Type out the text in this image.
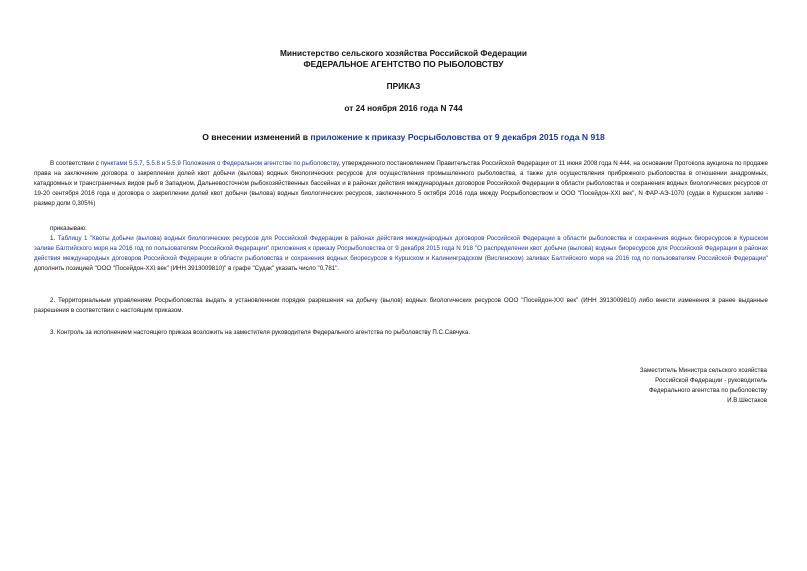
Министерство сельского хозяйства Российской Федерации
ФЕДЕРАЛЬНОЕ АГЕНТСТВО ПО РЫБОЛОВСТВУ
ПРИКАЗ
от 24 ноября 2016 года N 744
О внесении изменений в приложение к приказу Росрыболовства от 9 декабря 2015 года N 918
В соответствии с пунктами 5.5.7, 5.5.8 и 5.5.9 Положения о Федеральном агентстве по рыболовству, утвержденного постановлением Правительства Российской Федерации от 11 июня 2008 года N 444, на основании Протокола аукциона по продаже права на заключение договора о закреплении долей квот добычи (вылова) водных биологических ресурсов для осуществления промышленного рыболовства, а также для осуществления прибрежного рыболовства в отношении анадромных, катадромных и трансграничных видов рыб в Западном, Дальневосточном рыбохозяйственных бассейнах и в районах действия международных договоров Российской Федерации в области рыболовства и сохранения водных биологических ресурсов от 19-20 сентября 2016 года и договора о закреплении долей квот добычи (вылова) водных биологических ресурсов, заключенного 5 октября 2016 года между Росрыболовством и ООО "Посейдон-XXI век", N ФАР-АЭ-1070 (судак в Куршском заливе - размер доли 0,305%)
приказываю:
1. Таблицу 1 "Квоты добычи (вылова) водных биологических ресурсов для Российской Федерации в районах действия международных договоров Российской Федерации в области рыболовства и сохранения водных биоресурсов в Куршском заливе Балтийского моря на 2016 год по пользователям Российской Федерации" приложения к приказу Росрыболовства от 9 декабря 2015 года N 918 "О распределении квот добычи (вылова) водных биоресурсов для Российской Федерации в районах действия международных договоров Российской Федерации в области рыболовства и сохранения водных биоресурсов в Куршском и Калининградском (Вислинском) заливах Балтийского моря на 2016 год по пользователям Российской Федерации" дополнить позицией "ООО "Посейдон-XXI век" (ИНН 3913009810)" в графе "Судак" указать число "0,781".
2. Территориальным управлениям Росрыболовства выдать в установленном порядке разрешения на добычу (вылов) водных биологических ресурсов ООО "Посейдон-XXI век" (ИНН 3913009810) либо внести изменения в ранее выданные разрешения в соответствии с настоящим приказом.
3. Контроль за исполнением настоящего приказа возложить на заместителя руководителя Федерального агентства по рыболовству П.С.Савчука.
Заместитель Министра сельского хозяйства
Российской Федерации - руководитель
Федерального агентства по рыболовству
И.В.Шестаков
